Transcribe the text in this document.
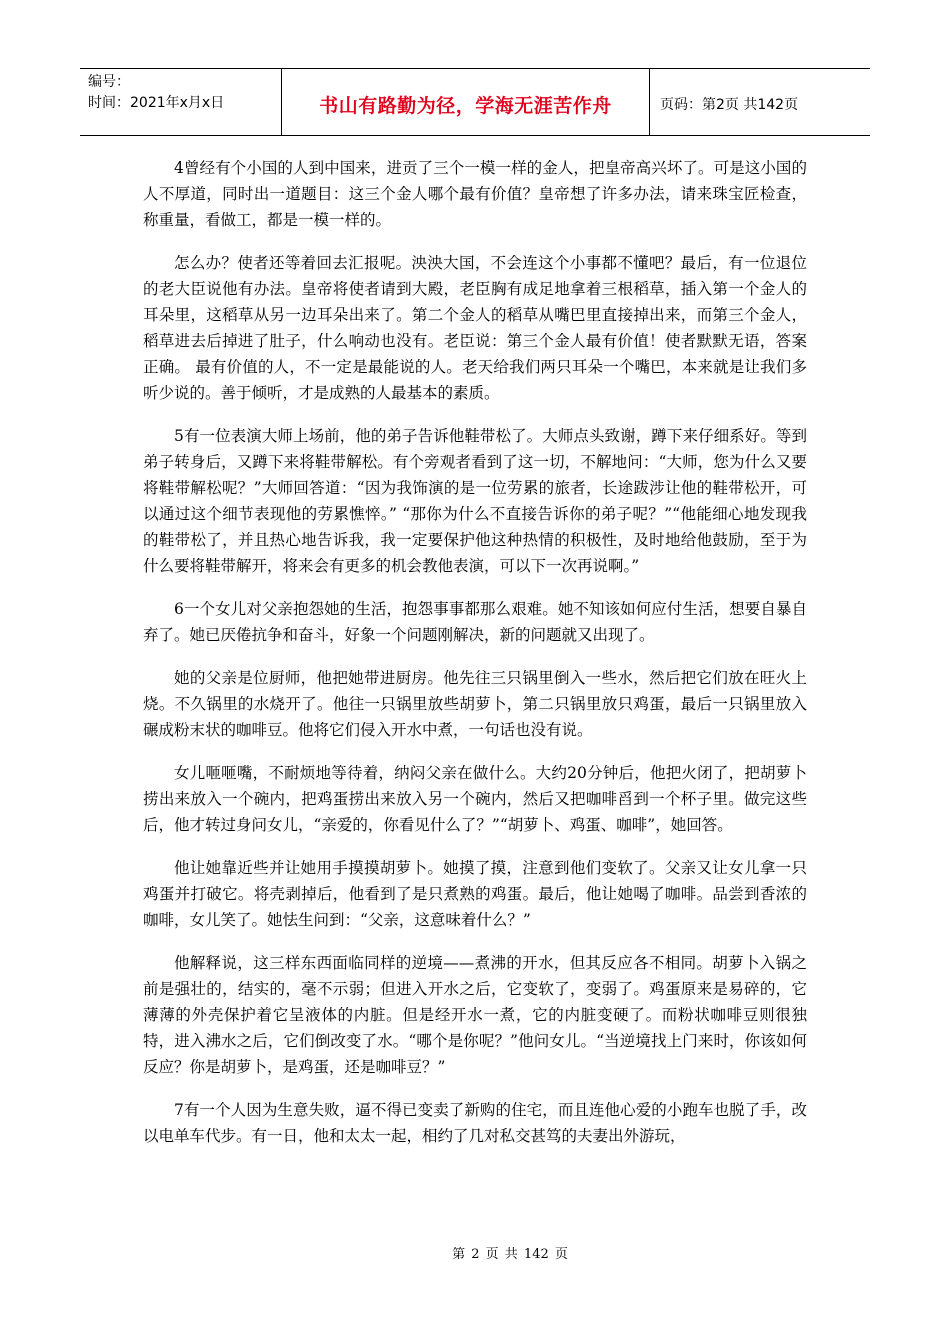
编号：
时间：2021年x月x日	书山有路勤为径，学海无涯苦作舟	页码：第2页 共142页

4曾经有个小国的人到中国来，进贡了三个一模一样的金人，把皇帝高兴坏了。可是这小国的人不厚道，同时出一道题目：这三个金人哪个最有价值？皇帝想了许多办法，请来珠宝匠检查，称重量，看做工，都是一模一样的。

怎么办？使者还等着回去汇报呢。泱泱大国，不会连这个小事都不懂吧？最后，有一位退位的老大臣说他有办法。皇帝将使者请到大殿，老臣胸有成足地拿着三根稻草，插入第一个金人的耳朵里，这稻草从另一边耳朵出来了。第二个金人的稻草从嘴巴里直接掉出来，而第三个金人，稻草进去后掉进了肚子，什么响动也没有。老臣说：第三个金人最有价值！使者默默无语，答案正确。 最有价值的人，不一定是最能说的人。老天给我们两只耳朵一个嘴巴，本来就是让我们多听少说的。善于倾听，才是成熟的人最基本的素质。

5有一位表演大师上场前，他的弟子告诉他鞋带松了。大师点头致谢，蹲下来仔细系好。等到弟子转身后，又蹲下来将鞋带解松。有个旁观者看到了这一切，不解地问：“大师，您为什么又要将鞋带解松呢？”大师回答道：“因为我饰演的是一位劳累的旅者，长途跋涉让他的鞋带松开，可以通过这个细节表现他的劳累憔悴。” “那你为什么不直接告诉你的弟子呢？”“他能细心地发现我的鞋带松了，并且热心地告诉我，我一定要保护他这种热情的积极性，及时地给他鼓励，至于为什么要将鞋带解开，将来会有更多的机会教他表演，可以下一次再说啊。”

6一个女儿对父亲抱怨她的生活，抱怨事事都那么艰难。她不知该如何应付生活，想要自暴自弃了。她已厌倦抗争和奋斗，好象一个问题刚解决，新的问题就又出现了。

她的父亲是位厨师，他把她带进厨房。他先往三只锅里倒入一些水，然后把它们放在旺火上烧。不久锅里的水烧开了。他往一只锅里放些胡萝卜，第二只锅里放只鸡蛋，最后一只锅里放入碾成粉末状的咖啡豆。他将它们侵入开水中煮，一句话也没有说。

女儿咂咂嘴，不耐烦地等待着，纳闷父亲在做什么。大约20分钟后，他把火闭了，把胡萝卜捞出来放入一个碗内，把鸡蛋捞出来放入另一个碗内，然后又把咖啡舀到一个杯子里。做完这些后，他才转过身问女儿，“亲爱的，你看见什么了？”“胡萝卜、鸡蛋、咖啡”，她回答。

他让她靠近些并让她用手摸摸胡萝卜。她摸了摸，注意到他们变软了。父亲又让女儿拿一只鸡蛋并打破它。将壳剥掉后，他看到了是只煮熟的鸡蛋。最后，他让她喝了咖啡。品尝到香浓的咖啡，女儿笑了。她怯生问到：“父亲，这意味着什么？”

他解释说，这三样东西面临同样的逆境——煮沸的开水，但其反应各不相同。胡萝卜入锅之前是强壮的，结实的，毫不示弱；但进入开水之后，它变软了，变弱了。鸡蛋原来是易碎的，它薄薄的外壳保护着它呈液体的内脏。但是经开水一煮，它的内脏变硬了。而粉状咖啡豆则很独特，进入沸水之后，它们倒改变了水。“哪个是你呢？”他问女儿。“当逆境找上门来时，你该如何反应？你是胡萝卜，是鸡蛋，还是咖啡豆？”

7有一个人因为生意失败，逼不得已变卖了新购的住宅，而且连他心爱的小跑车也脱了手，改以电单车代步。有一日，他和太太一起，相约了几对私交甚笃的夫妻出外游玩，

第 2 页 共 142 页
